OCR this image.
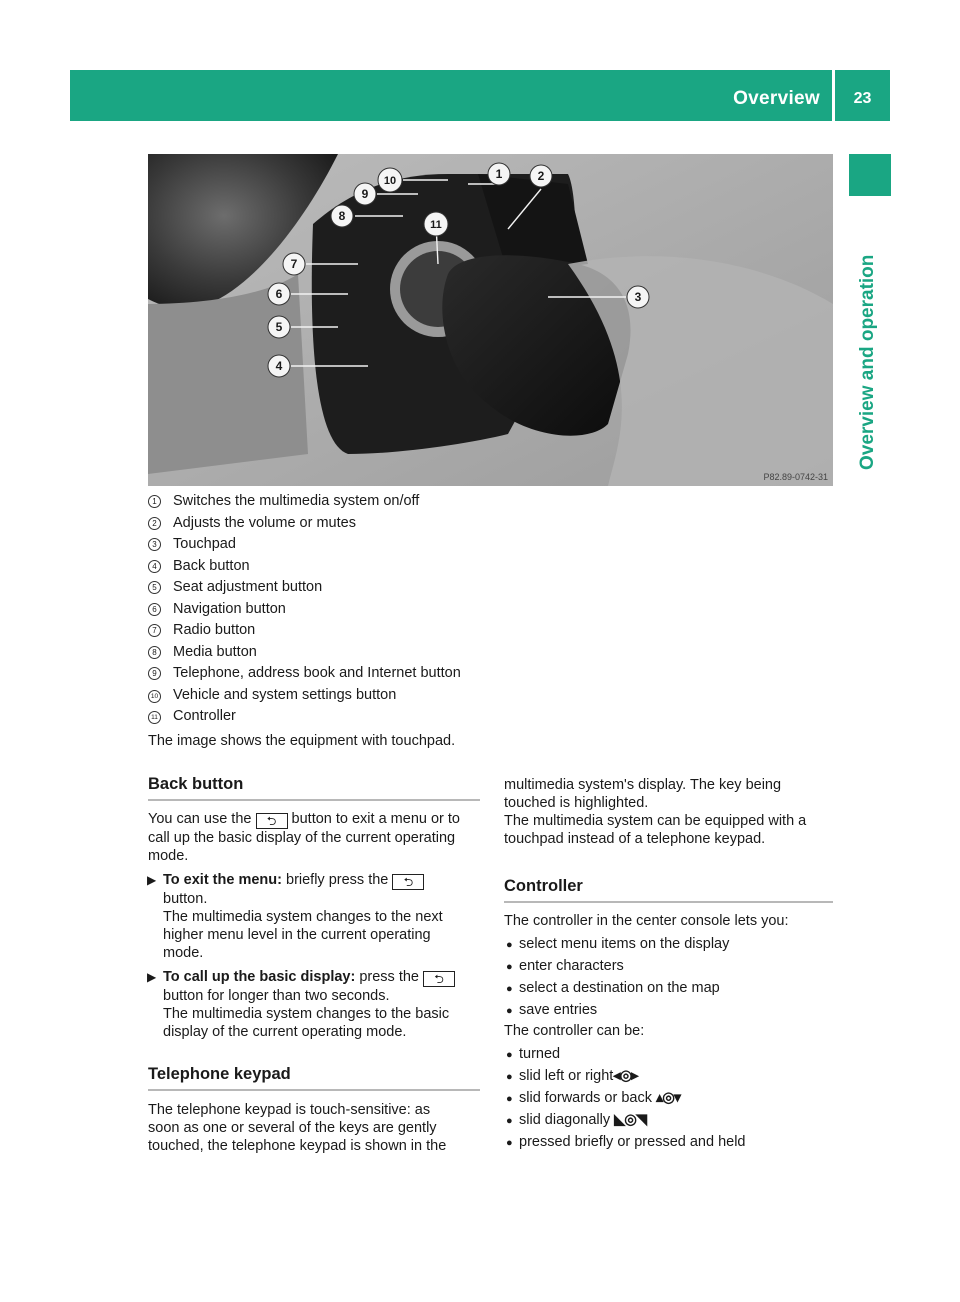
Overview	23
Overview and operation
1	2
3
4
5
6
7
8
9
10
11
P82.89-0742-31
1 Switches the multimedia system on/off
2 Adjusts the volume or mutes
3 Touchpad
4 Back button
5 Seat adjustment button
6 Navigation button
7 Radio button
8 Media button
9 Telephone, address book and Internet button
10 Vehicle and system settings button
11 Controller
The image shows the equipment with touchpad.
Back button
You can use the ⮌ button to exit a menu or to
call up the basic display of the current operating
mode.
▶ To exit the menu: briefly press the ⮌
button.
The multimedia system changes to the next
higher menu level in the current operating
mode.
▶ To call up the basic display: press the ⮌
button for longer than two seconds.
The multimedia system changes to the basic
display of the current operating mode.
Telephone keypad
The telephone keypad is touch-sensitive: as
soon as one or several of the keys are gently
touched, the telephone keypad is shown in the
multimedia system's display. The key being
touched is highlighted.
The multimedia system can be equipped with a
touchpad instead of a telephone keypad.
Controller
The controller in the center console lets you:
● select menu items on the display
● enter characters
● select a destination on the map
● save entries
The controller can be:
● turned
● slid left or right◂◎▸
● slid forwards or back ▴◎▾
● slid diagonally ◣◎◥
● pressed briefly or pressed and held
